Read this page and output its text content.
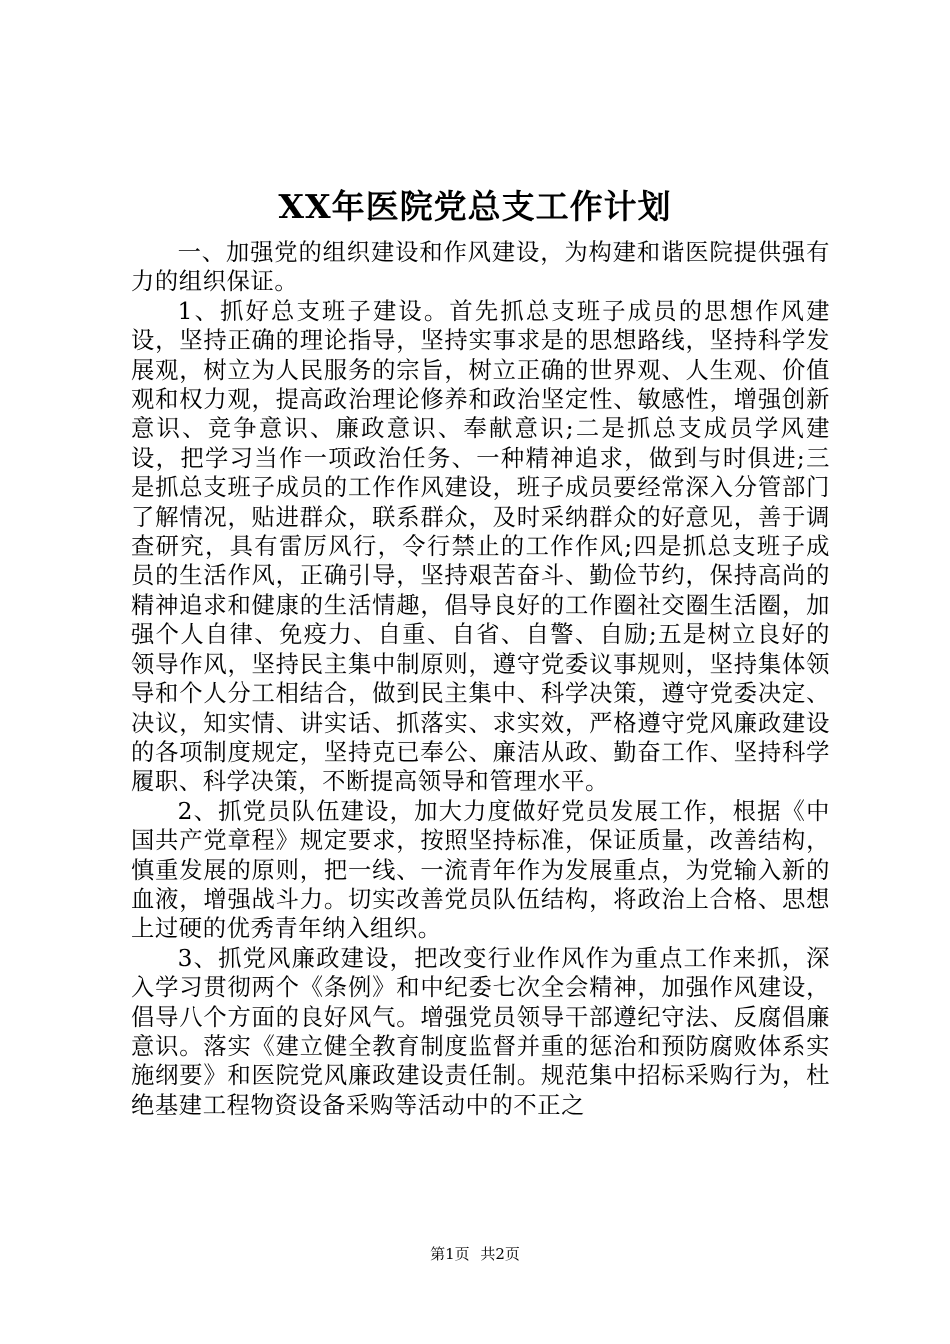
XX年医院党总支工作计划

一、加强党的组织建设和作风建设，为构建和谐医院提供强有力的组织保证。

1、抓好总支班子建设。首先抓总支班子成员的思想作风建设，坚持正确的理论指导，坚持实事求是的思想路线，坚持科学发展观，树立为人民服务的宗旨，树立正确的世界观、人生观、价值观和权力观，提高政治理论修养和政治坚定性、敏感性，增强创新意识、竞争意识、廉政意识、奉献意识;二是抓总支成员学风建设，把学习当作一项政治任务、一种精神追求，做到与时俱进;三是抓总支班子成员的工作作风建设，班子成员要经常深入分管部门了解情况，贴进群众，联系群众，及时采纳群众的好意见，善于调查研究，具有雷厉风行，令行禁止的工作作风;四是抓总支班子成员的生活作风，正确引导，坚持艰苦奋斗、勤俭节约，保持高尚的精神追求和健康的生活情趣，倡导良好的工作圈社交圈生活圈，加强个人自律、免疫力、自重、自省、自警、自励;五是树立良好的领导作风，坚持民主集中制原则，遵守党委议事规则，坚持集体领导和个人分工相结合，做到民主集中、科学决策，遵守党委决定、决议，知实情、讲实话、抓落实、求实效，严格遵守党风廉政建设的各项制度规定，坚持克已奉公、廉洁从政、勤奋工作、坚持科学履职、科学决策，不断提高领导和管理水平。

2、抓党员队伍建设，加大力度做好党员发展工作，根据《中国共产党章程》规定要求，按照坚持标准，保证质量，改善结构，慎重发展的原则，把一线、一流青年作为发展重点，为党输入新的血液，增强战斗力。切实改善党员队伍结构，将政治上合格、思想上过硬的优秀青年纳入组织。

3、抓党风廉政建设，把改变行业作风作为重点工作来抓，深入学习贯彻两个《条例》和中纪委七次全会精神，加强作风建设，倡导八个方面的良好风气。增强党员领导干部遵纪守法、反腐倡廉意识。落实《建立健全教育制度监督并重的惩治和预防腐败体系实施纲要》和医院党风廉政建设责任制。规范集中招标采购行为，杜绝基建工程物资设备采购等活动中的不正之

第1页 共2页
